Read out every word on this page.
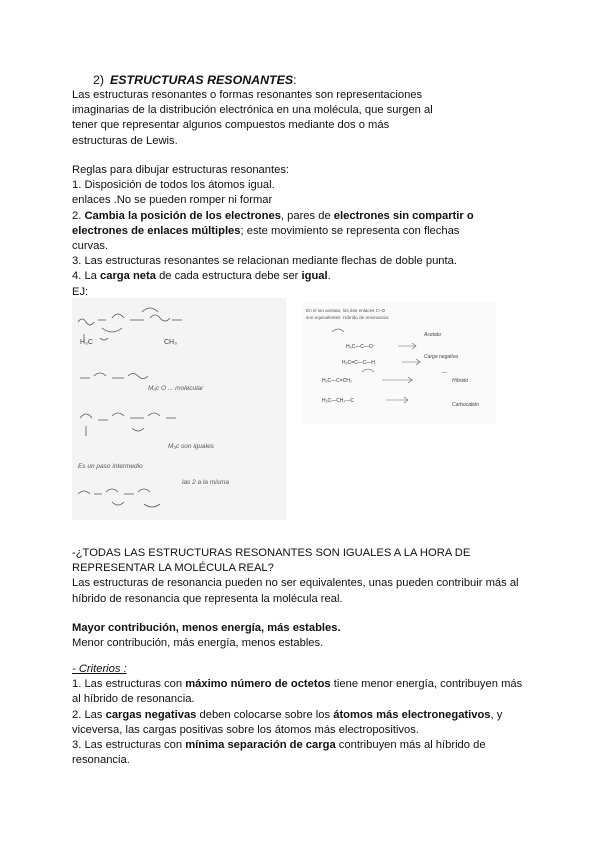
2) ESTRUCTURAS RESONANTES:
Las estructuras resonantes o formas resonantes son representaciones
imaginarias de la distribución electrónica en una molécula, que surgen al
tener que representar algunos compuestos mediante dos o más
estructuras de Lewis.
Reglas para dibujar estructuras resonantes:
1. Disposición de todos los átomos igual.
enlaces .No se pueden romper ni formar
2. Cambia la posición de los electrones, pares de electrones sin compartir o
electrones de enlaces múltiples; este movimiento se representa con flechas
curvas.
3. Las estructuras resonantes se relacionan mediante flechas de doble punta.
4. La carga neta de cada estructura debe ser igual.
EJ:
H₃C	CH₃
M₃c O ... molecular
M₃c son iguales
Es un paso intermedio
las 2 a la misma
En el ion acetato, los dos enlaces C–O
son equivalentes. Híbrido de resonancia:
H₃C—C—O⁻
H₂C=C—C—H
H₂C—C=CH₂
H₂C—CH₂—C
Acetato
Carga negativa
—
Híbrido
Carbocatión
-¿TODAS LAS ESTRUCTURAS RESONANTES SON IGUALES A LA HORA DE
REPRESENTAR LA MOLÉCULA REAL?
Las estructuras de resonancia pueden no ser equivalentes, unas pueden contribuir más al
híbrido de resonancia que representa la molécula real.
Mayor contribución, menos energía, más estables.
Menor contribución, más energía, menos estables.
- Criterios :
1. Las estructuras con máximo número de octetos tiene menor energía, contribuyen más
al híbrido de resonancia.
2. Las cargas negativas deben colocarse sobre los átomos más electronegativos, y
viceversa, las cargas positivas sobre los átomos más electropositivos.
3. Las estructuras con mínima separación de carga contribuyen más al híbrido de
resonancia.
